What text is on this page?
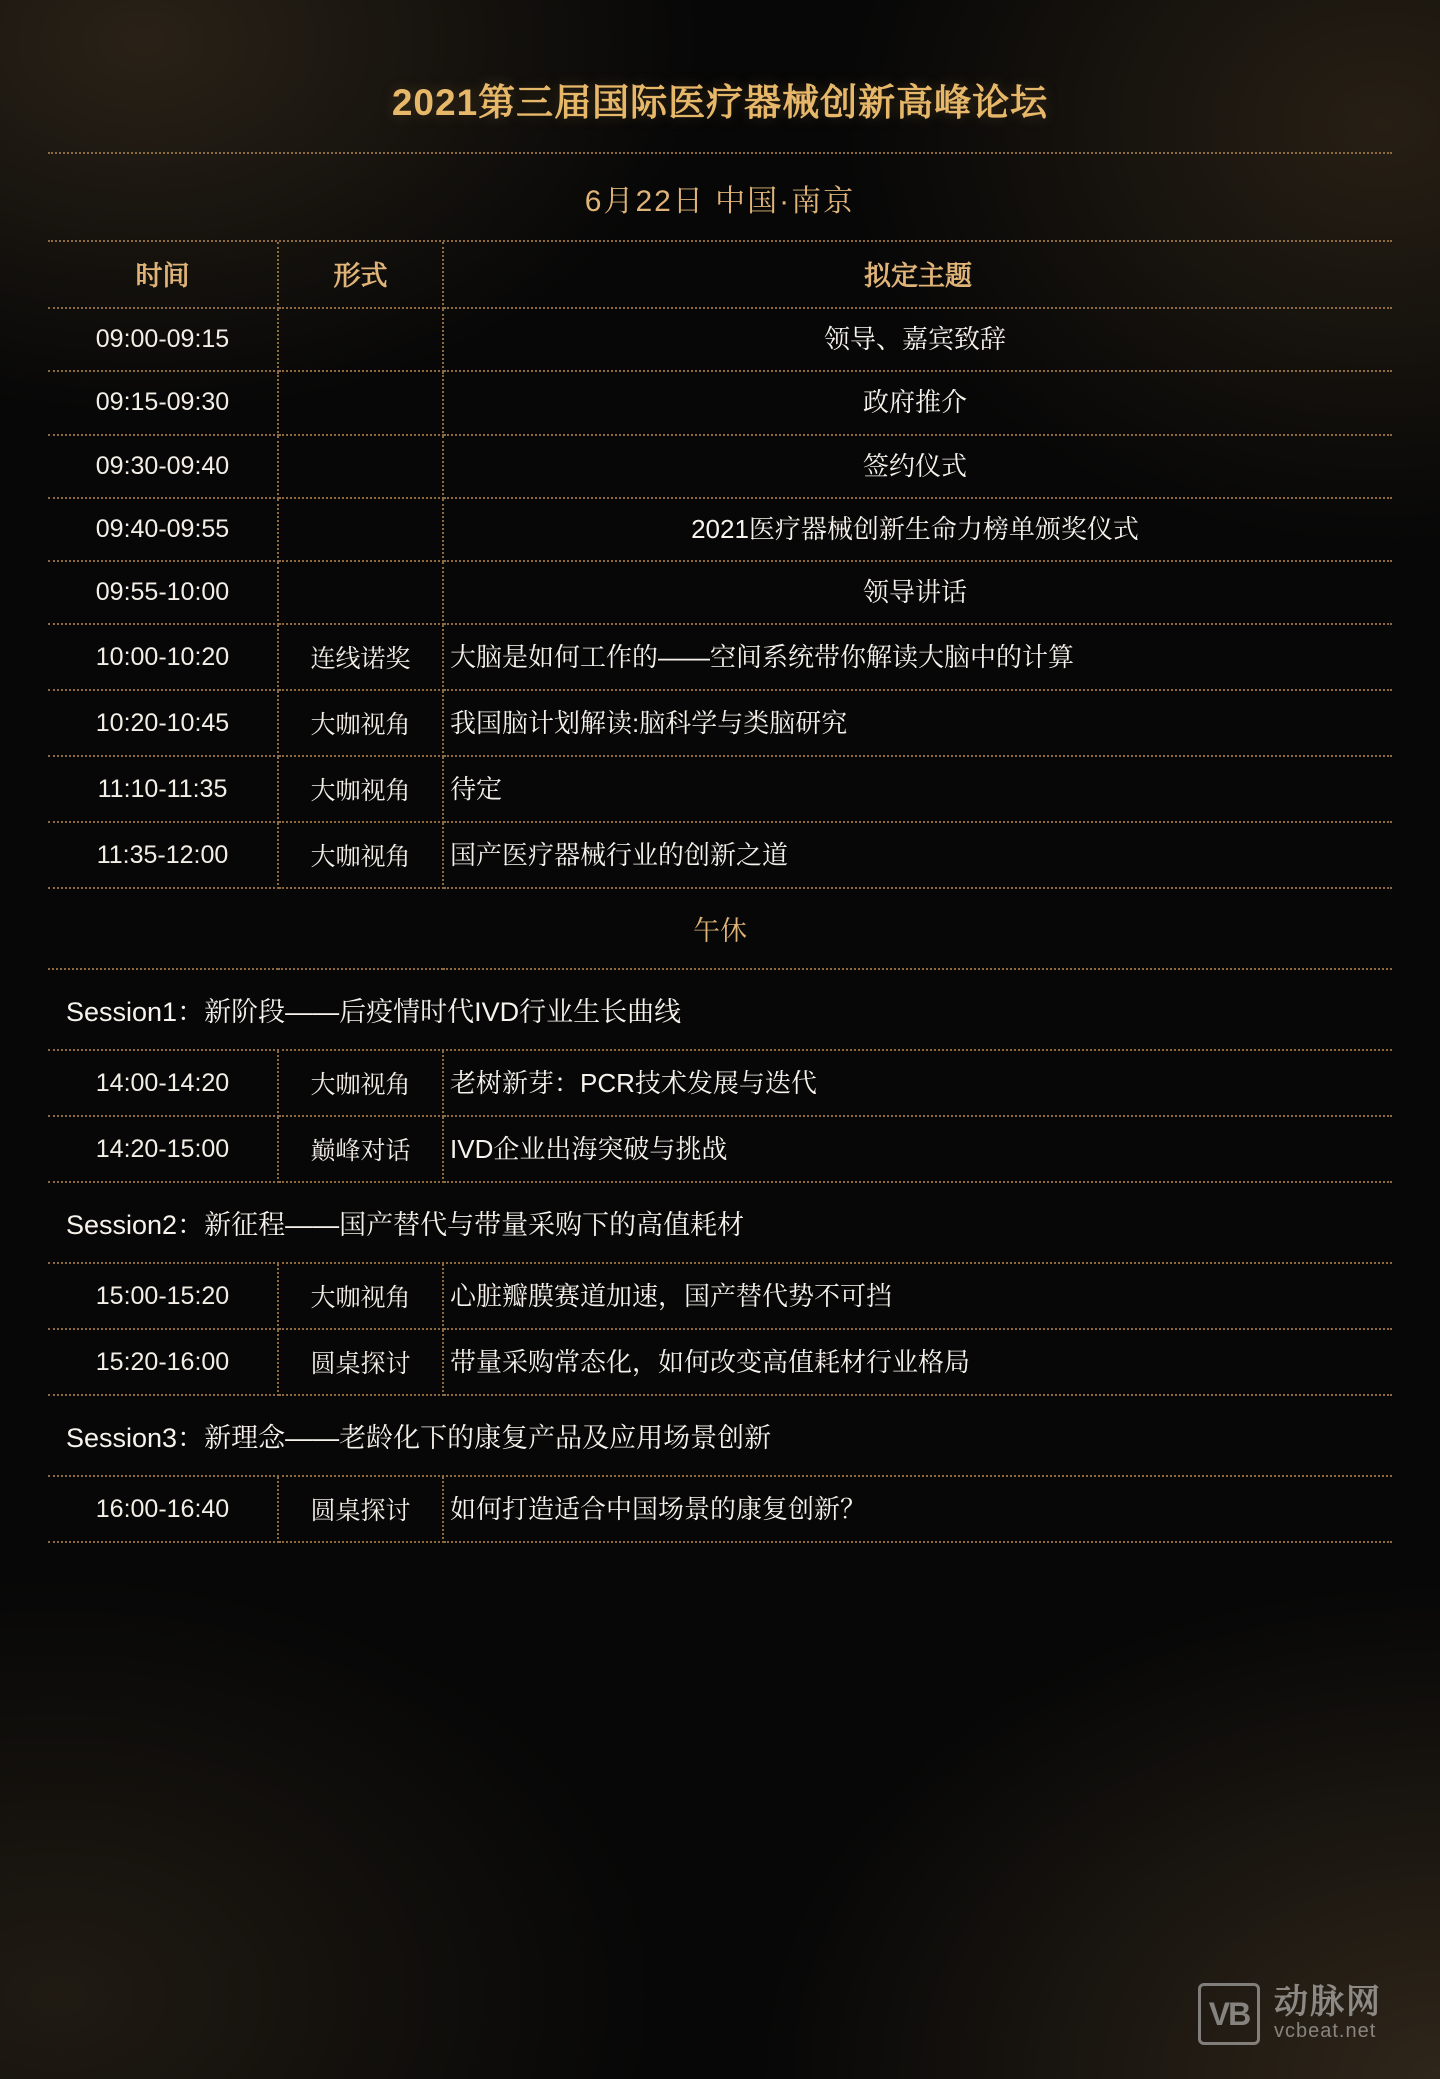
2021第三届国际医疗器械创新高峰论坛
6月22日 中国·南京
时间	形式	拟定主题
09:00-09:15		领导、嘉宾致辞
09:15-09:30		政府推介
09:30-09:40		签约仪式
09:40-09:55		2021医疗器械创新生命力榜单颁奖仪式
09:55-10:00		领导讲话
10:00-10:20	连线诺奖	大脑是如何工作的——空间系统带你解读大脑中的计算
10:20-10:45	大咖视角	我国脑计划解读:脑科学与类脑研究
11:10-11:35	大咖视角	待定
11:35-12:00	大咖视角	国产医疗器械行业的创新之道
午休		
Session1：新阶段——后疫情时代IVD行业生长曲线		
14:00-14:20	大咖视角	老树新芽：PCR技术发展与迭代
14:20-15:00	巅峰对话	IVD企业出海突破与挑战
Session2：新征程——国产替代与带量采购下的高值耗材		
15:00-15:20	大咖视角	心脏瓣膜赛道加速，国产替代势不可挡
15:20-16:00	圆桌探讨	带量采购常态化，如何改变高值耗材行业格局
Session3：新理念——老龄化下的康复产品及应用场景创新		
16:00-16:40	圆桌探讨	如何打造适合中国场景的康复创新？
VB 动脉网
vcbeat.net
